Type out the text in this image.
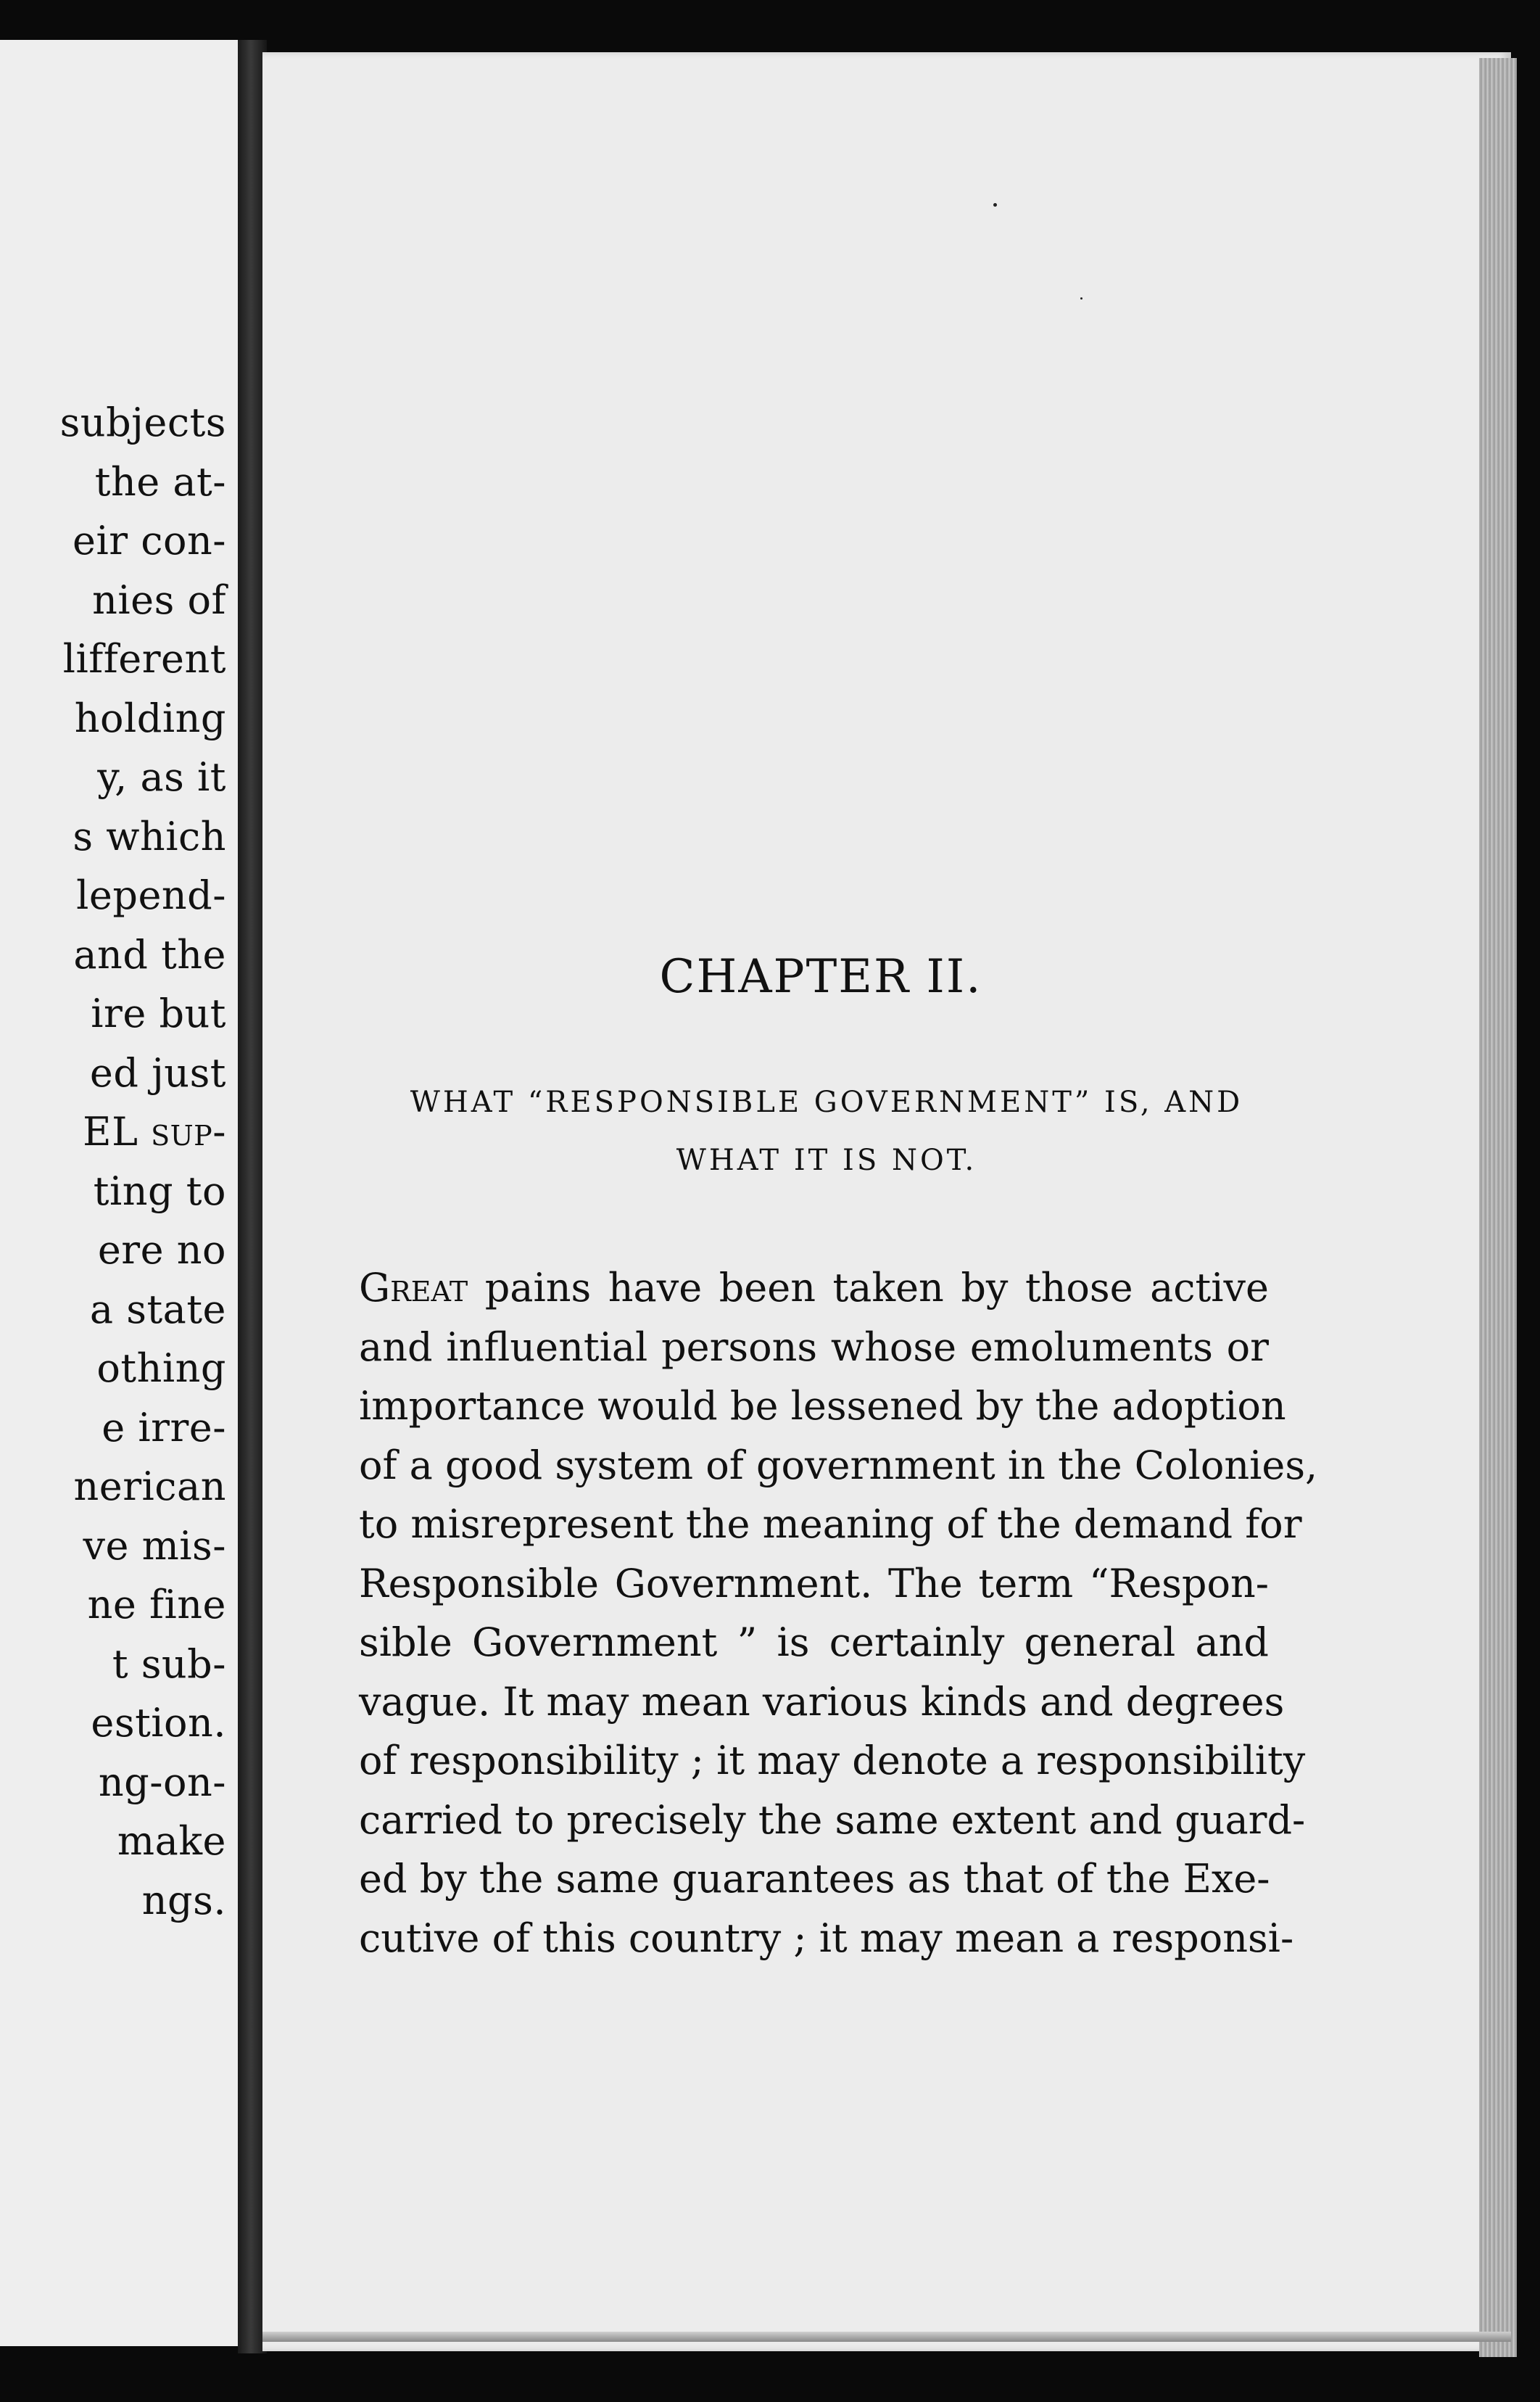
subjects
the at-
eir con-
nies of
lifferent
holding
y, as it
s which
lepend-
and the
ire but
ed just
EL sup-
ting to
ere no
a state
othing
e irre-
nerican
ve mis-
ne fine
t sub-
estion.
ng-on-
make
ngs.
CHAPTER II.
WHAT “RESPONSIBLE GOVERNMENT” IS, AND
WHAT IT IS NOT.
Great pains have been taken by those active
and influential persons whose emoluments or
importance would be lessened by the adoption
of a good system of government in the Colonies,
to misrepresent the meaning of the demand for
Responsible Government. The term “Respon-
sible Government ” is certainly general and
vague. It may mean various kinds and degrees
of responsibility ; it may denote a responsibility
carried to precisely the same extent and guard-
ed by the same guarantees as that of the Exe-
cutive of this country ; it may mean a responsi-
